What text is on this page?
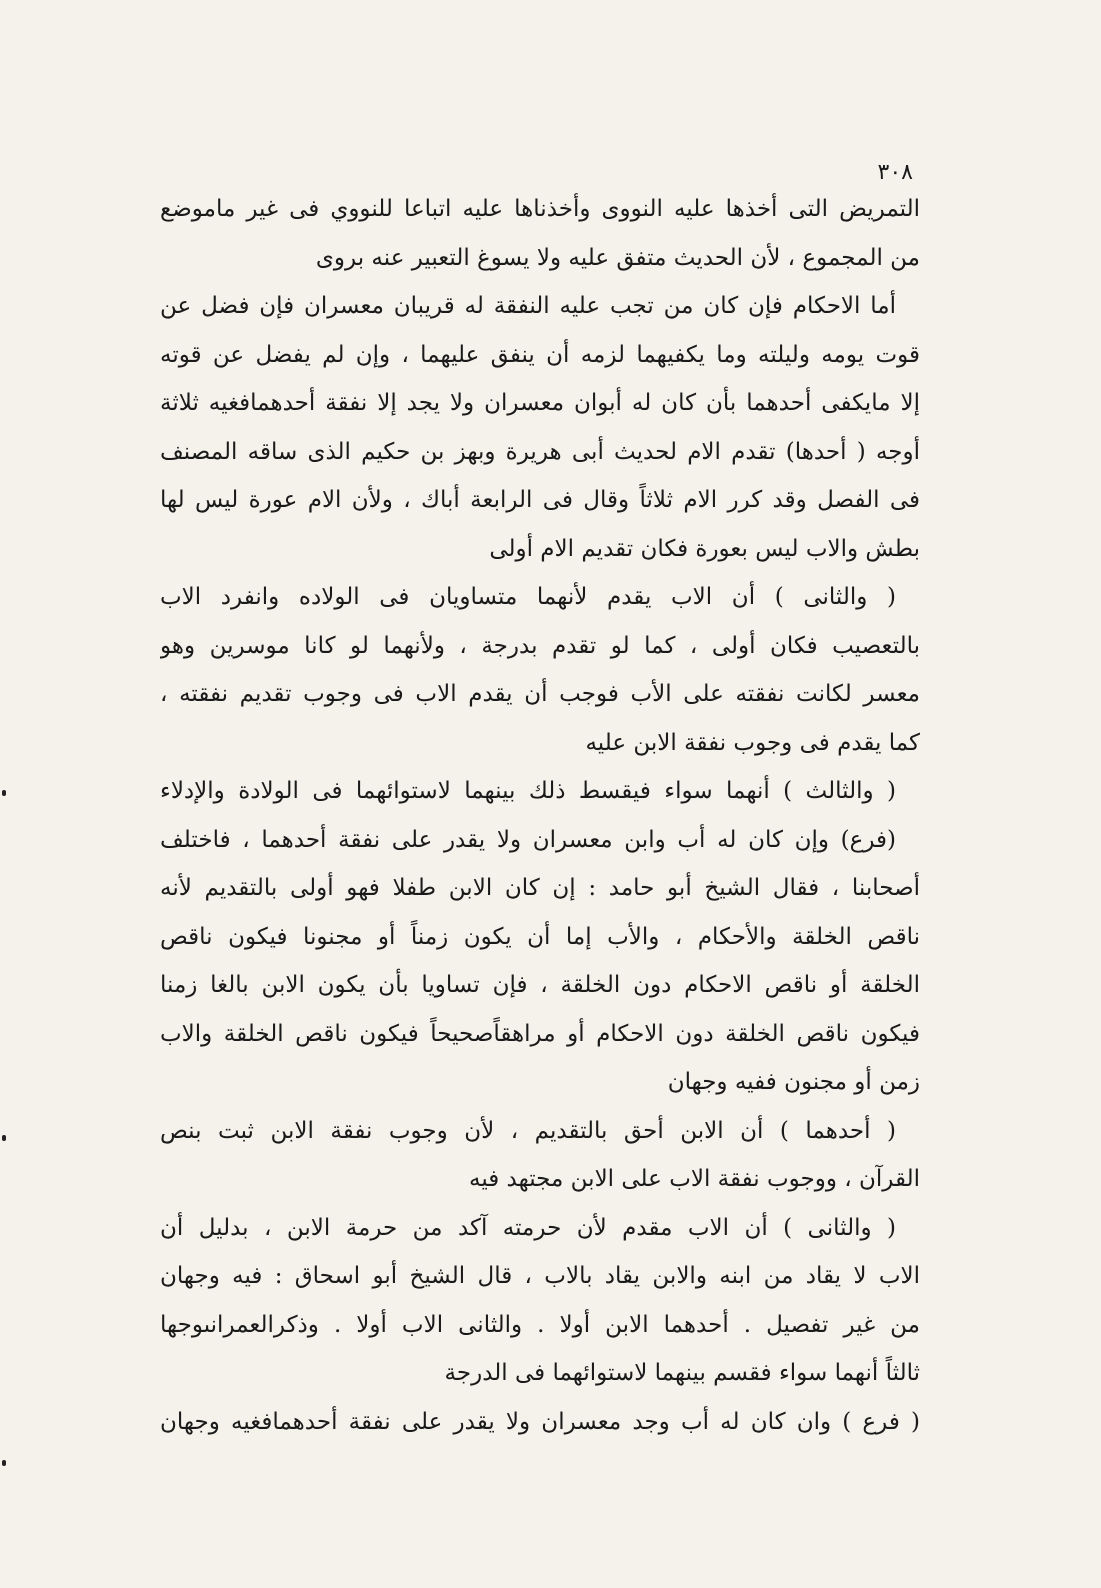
٣٠٨
التمريض التى أخذها عليه النووى وأخذناها عليه اتباعا للنووي فى غير ماموضع
من المجموع ، لأن الحديث متفق عليه ولا يسوغ التعبير عنه بروى
أما الاحكام فإن كان من تجب عليه النفقة له قريبان معسران فإن فضل عن
قوت يومه وليلته وما يكفيهما لزمه أن ينفق عليهما ، وإن لم يفضل عن قوته
إلا مايكفى أحدهما بأن كان له أبوان معسران ولا يجد إلا نفقة أحدهمافغيه ثلاثة
أوجه ( أحدها) تقدم الام لحديث أبى هريرة وبهز بن حكيم الذى ساقه المصنف
فى الفصل وقد كرر الام ثلاثاً وقال فى الرابعة أباك ، ولأن الام عورة ليس لها
بطش والاب ليس بعورة فكان تقديم الام أولى
( والثانى ) أن الاب يقدم لأنهما متساويان فى الولاده وانفرد الاب
بالتعصيب فكان أولى ، كما لو تقدم بدرجة ، ولأنهما لو كانا موسرين وهو
معسر لكانت نفقته على الأب فوجب أن يقدم الاب فى وجوب تقديم نفقته ،
كما يقدم فى وجوب نفقة الابن عليه
( والثالث ) أنهما سواء فيقسط ذلك بينهما لاستوائهما فى الولادة والإدلاء
(فرع) وإن كان له أب وابن معسران ولا يقدر على نفقة أحدهما ، فاختلف
أصحابنا ، فقال الشيخ أبو حامد : إن كان الابن طفلا فهو أولى بالتقديم لأنه
ناقص الخلقة والأحكام ، والأب إما أن يكون زمناً أو مجنونا فيكون ناقص
الخلقة أو ناقص الاحكام دون الخلقة ، فإن تساويا بأن يكون الابن بالغا زمنا
فيكون ناقص الخلقة دون الاحكام أو مراهقاًصحيحاً فيكون ناقص الخلقة والاب
زمن أو مجنون ففيه وجهان
( أحدهما ) أن الابن أحق بالتقديم ، لأن وجوب نفقة الابن ثبت بنص
القرآن ، ووجوب نفقة الاب على الابن مجتهد فيه
( والثانى ) أن الاب مقدم لأن حرمته آكد من حرمة الابن ، بدليل أن
الاب لا يقاد من ابنه والابن يقاد بالاب ، قال الشيخ أبو اسحاق : فيه وجهان
من غير تفصيل . أحدهما الابن أولا . والثانى الاب أولا . وذكرالعمرانىوجها
ثالثاً أنهما سواء فقسم بينهما لاستوائهما فى الدرجة
( فرع ) وان كان له أب وجد معسران ولا يقدر على نفقة أحدهمافغيه وجهان
